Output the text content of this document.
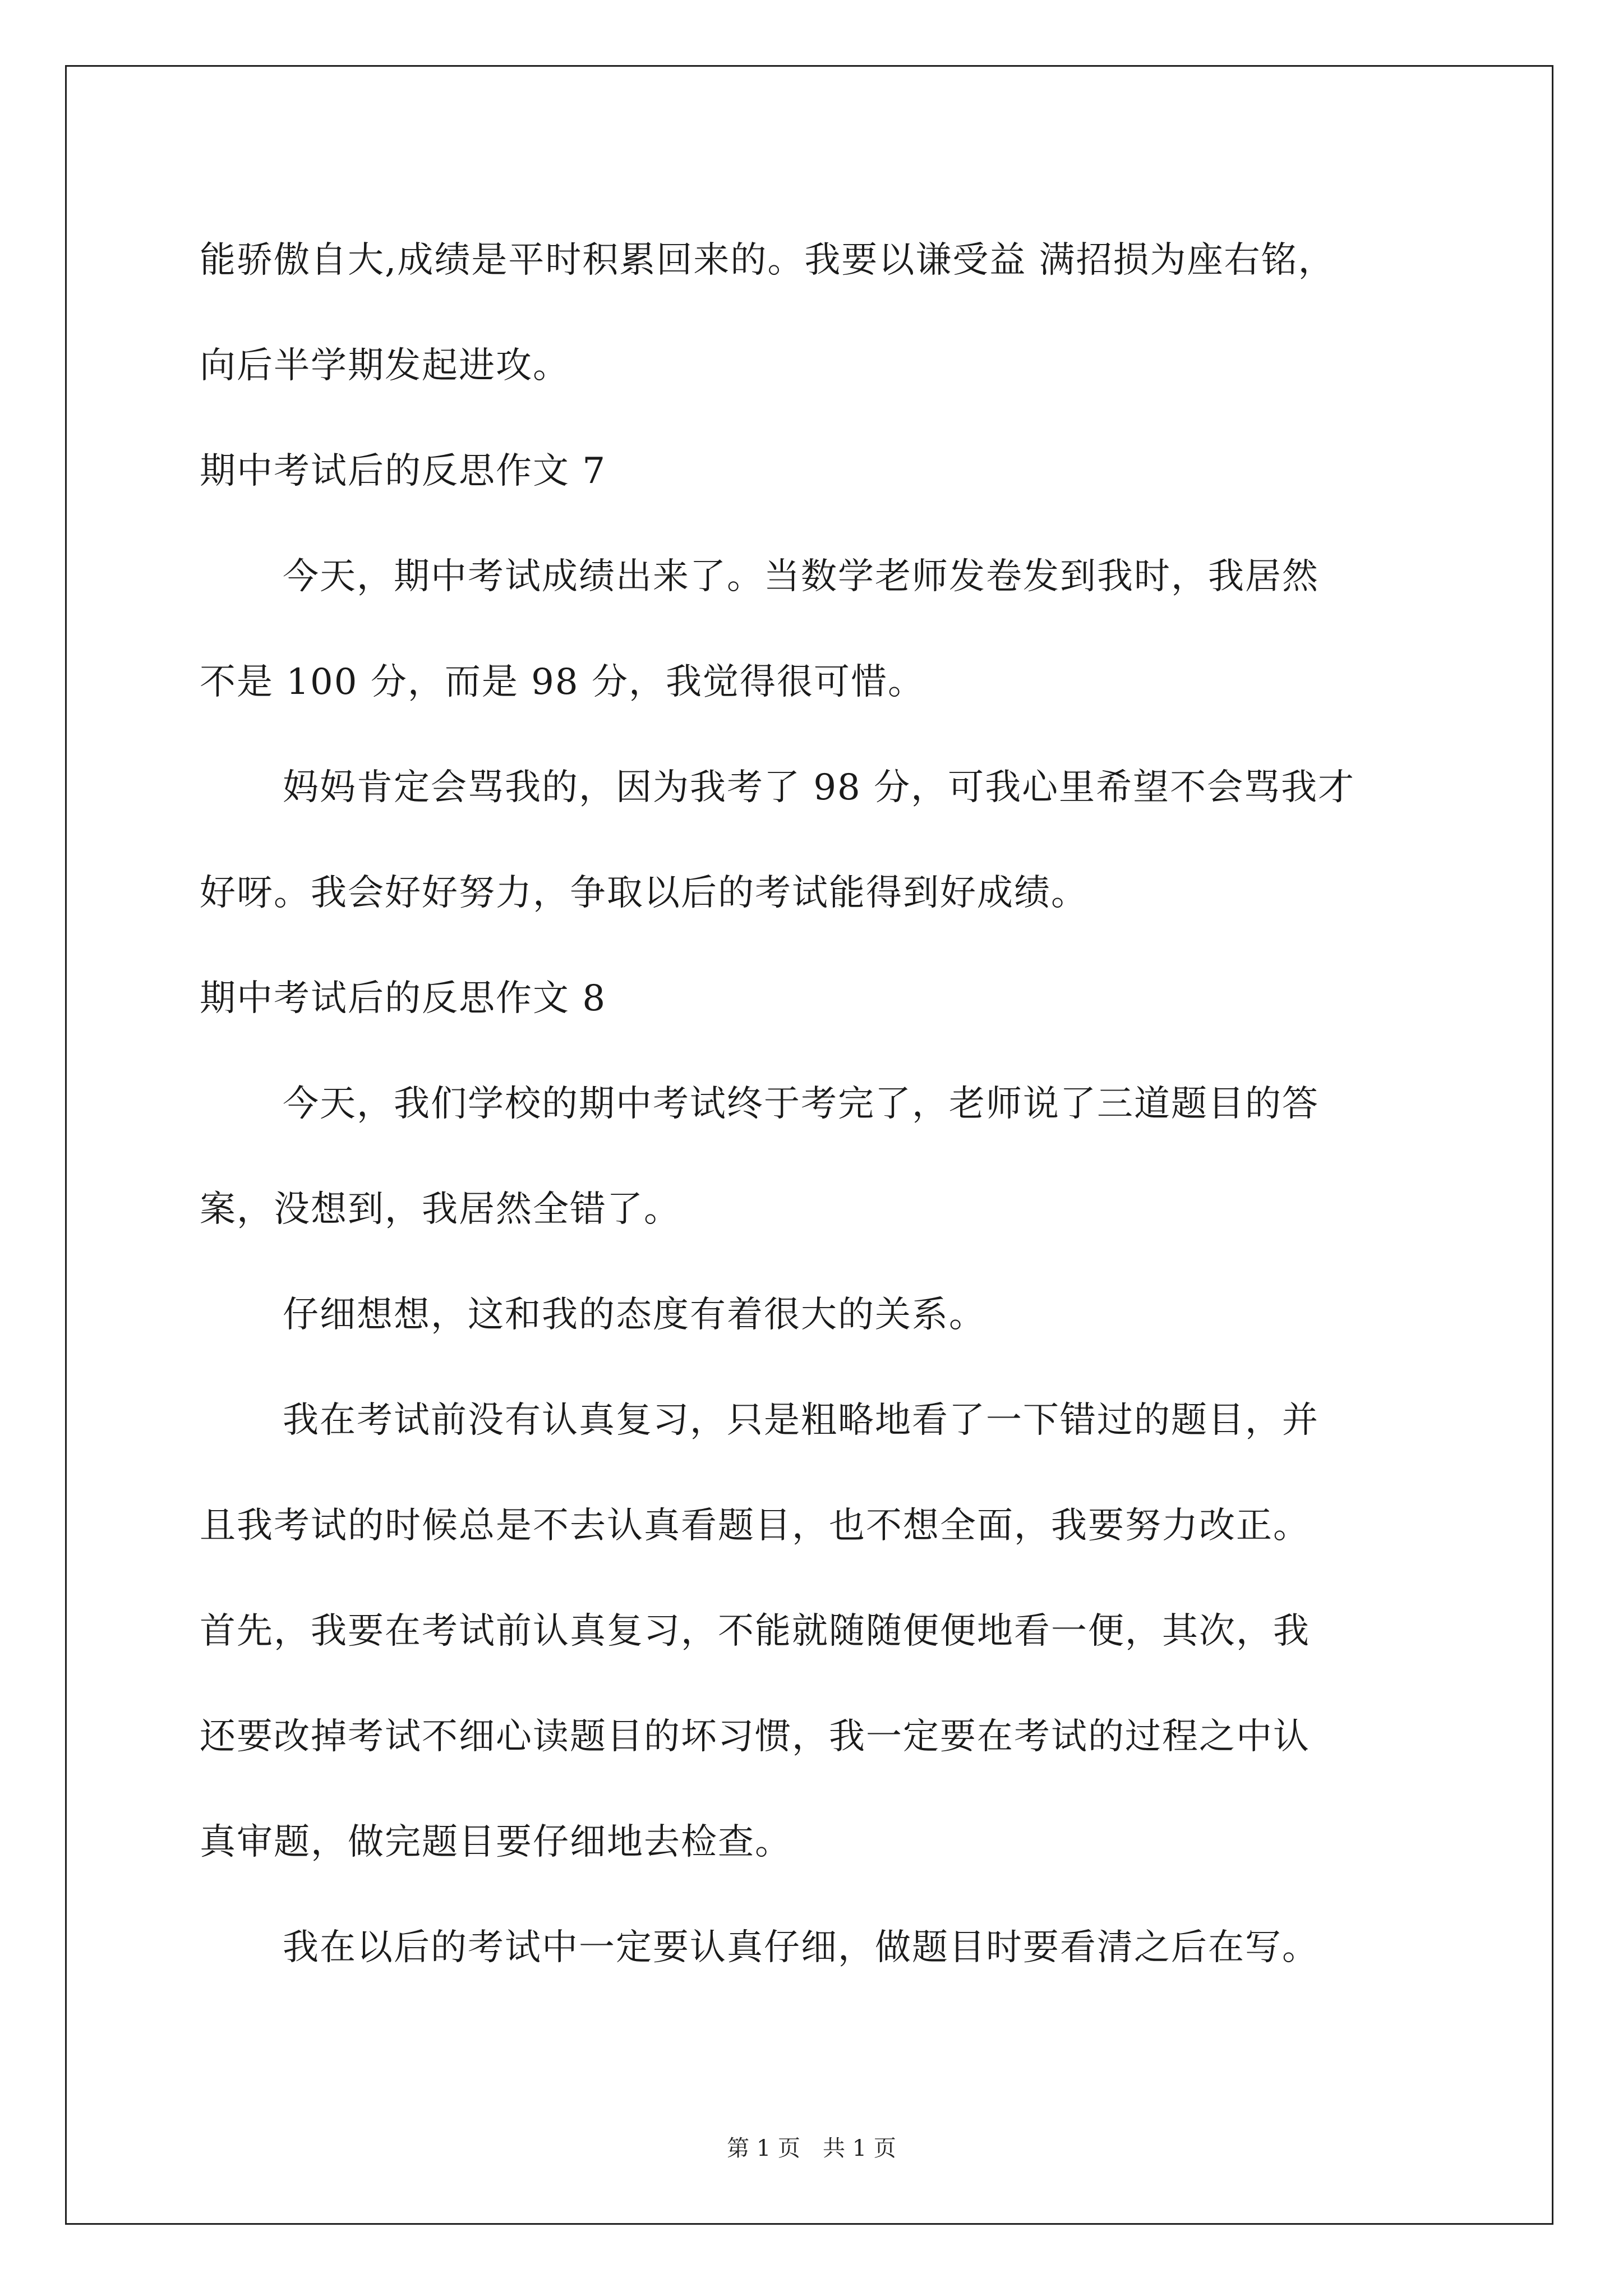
能骄傲自大,成绩是平时积累回来的。我要以谦受益 满招损为座右铭，
向后半学期发起进攻。
期中考试后的反思作文 7
今天，期中考试成绩出来了。当数学老师发卷发到我时，我居然
不是 100 分，而是 98 分，我觉得很可惜。
妈妈肯定会骂我的，因为我考了 98 分，可我心里希望不会骂我才
好呀。我会好好努力，争取以后的考试能得到好成绩。
期中考试后的反思作文 8
今天，我们学校的期中考试终于考完了，老师说了三道题目的答
案，没想到，我居然全错了。
仔细想想，这和我的态度有着很大的关系。
我在考试前没有认真复习，只是粗略地看了一下错过的题目，并
且我考试的时候总是不去认真看题目，也不想全面，我要努力改正。
首先，我要在考试前认真复习，不能就随随便便地看一便，其次，我
还要改掉考试不细心读题目的坏习惯，我一定要在考试的过程之中认
真审题，做完题目要仔细地去检查。
我在以后的考试中一定要认真仔细，做题目时要看清之后在写。
第 1 页　共 1 页
